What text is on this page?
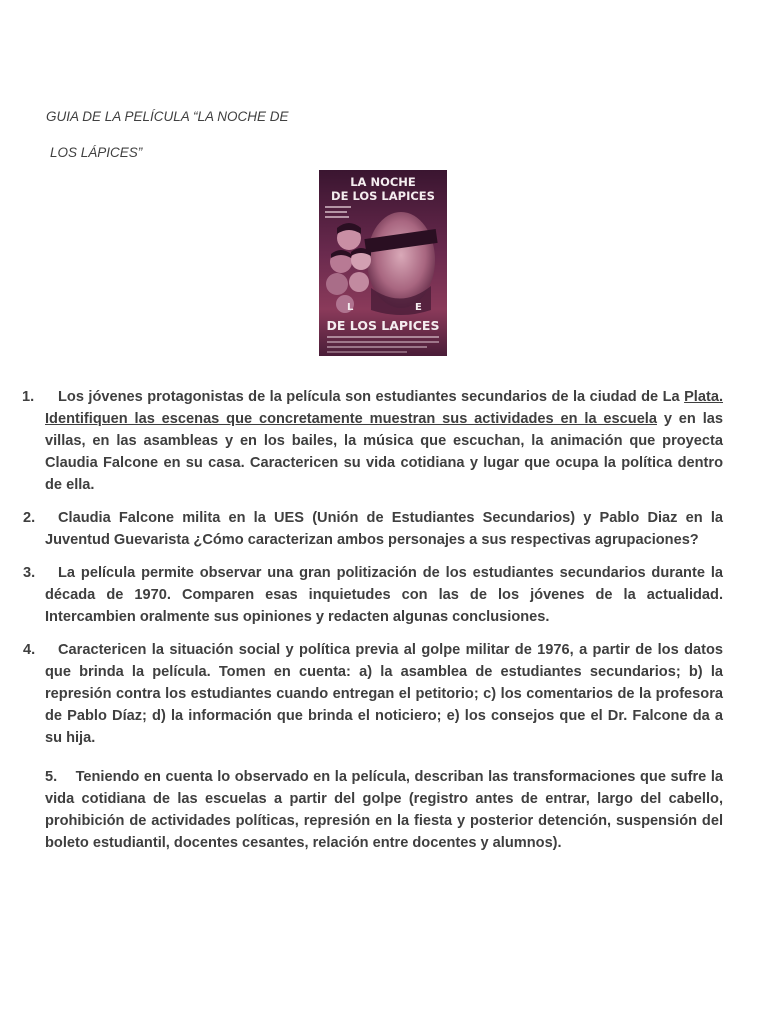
GUIA DE LA PELÍCULA “LA NOCHE DE

LOS LÁPICES”

LA NOCHE
DE LOS LAPICES
L	E
DE LOS LAPICES
1.	Los jóvenes protagonistas de la película son estudiantes secundarios de la ciudad de La Plata. Identifiquen las escenas que concretamente muestran sus actividades en la escuela y en las villas, en las asambleas y en los bailes, la música que escuchan, la animación que proyecta Claudia Falcone en su casa. Caractericen su vida cotidiana y lugar que ocupa la política dentro de ella.
2.	Claudia Falcone milita en la UES (Unión de Estudiantes Secundarios) y Pablo Diaz en la Juventud Guevarista ¿Cómo caracterizan ambos personajes a sus respectivas agrupaciones?
3.	La película permite observar una gran politización de los estudiantes secundarios durante la década de 1970. Comparen esas inquietudes con las de los jóvenes de la actualidad. Intercambien oralmente sus opiniones y redacten algunas conclusiones.
4.	Caractericen la situación social y política previa al golpe militar de 1976, a partir de los datos que brinda la película. Tomen en cuenta: a) la asamblea de estudiantes secundarios; b) la represión contra los estudiantes cuando entregan el petitorio; c) los comentarios de la profesora de Pablo Díaz; d) la información que brinda el noticiero; e) los consejos que el Dr. Falcone da a su hija.
5. Teniendo en cuenta lo observado en la película, describan las transformaciones que sufre la vida cotidiana de las escuelas a partir del golpe (registro antes de entrar, largo del cabello, prohibición de actividades políticas, represión en la fiesta y posterior detención, suspensión del boleto estudiantil, docentes cesantes, relación entre docentes y alumnos).
